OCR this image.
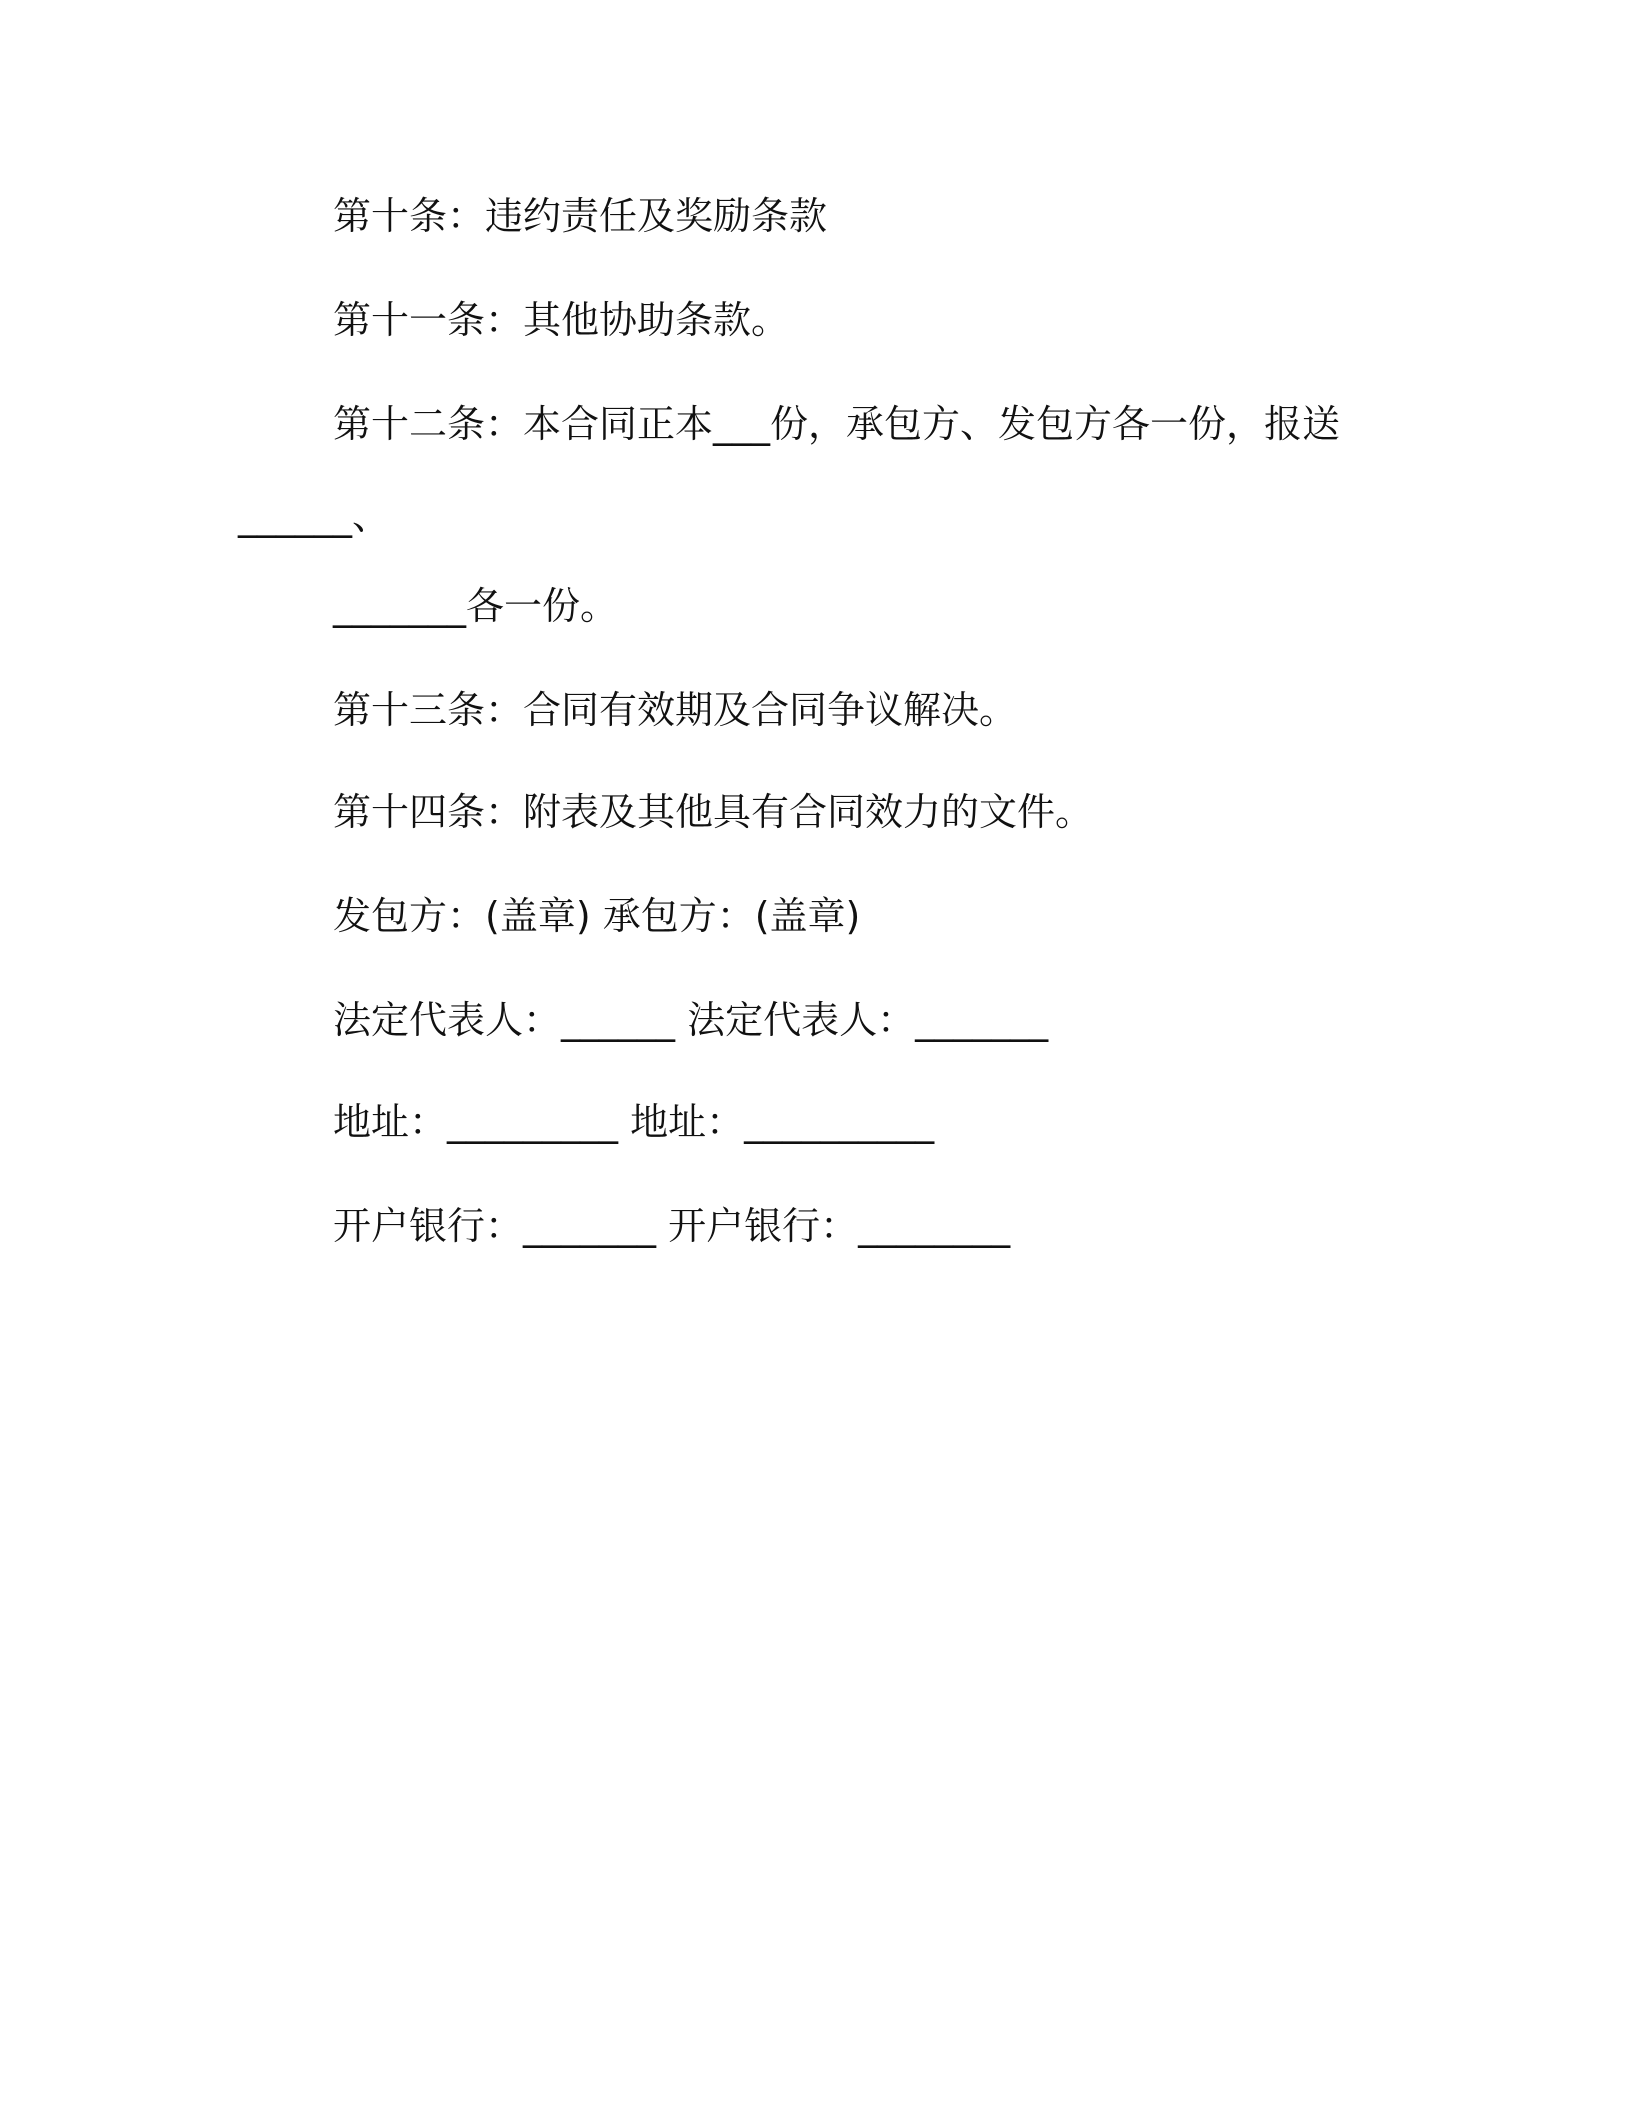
第十条：违约责任及奖励条款
第十一条：其他协助条款。
第十二条：本合同正本___份，承包方、发包方各一份，报送
______、
_______各一份。
第十三条：合同有效期及合同争议解决。
第十四条：附表及其他具有合同效力的文件。
发包方：(盖章) 承包方：(盖章)
法定代表人：______ 法定代表人：_______
地址：_________ 地址：__________
开户银行：_______ 开户银行：________
